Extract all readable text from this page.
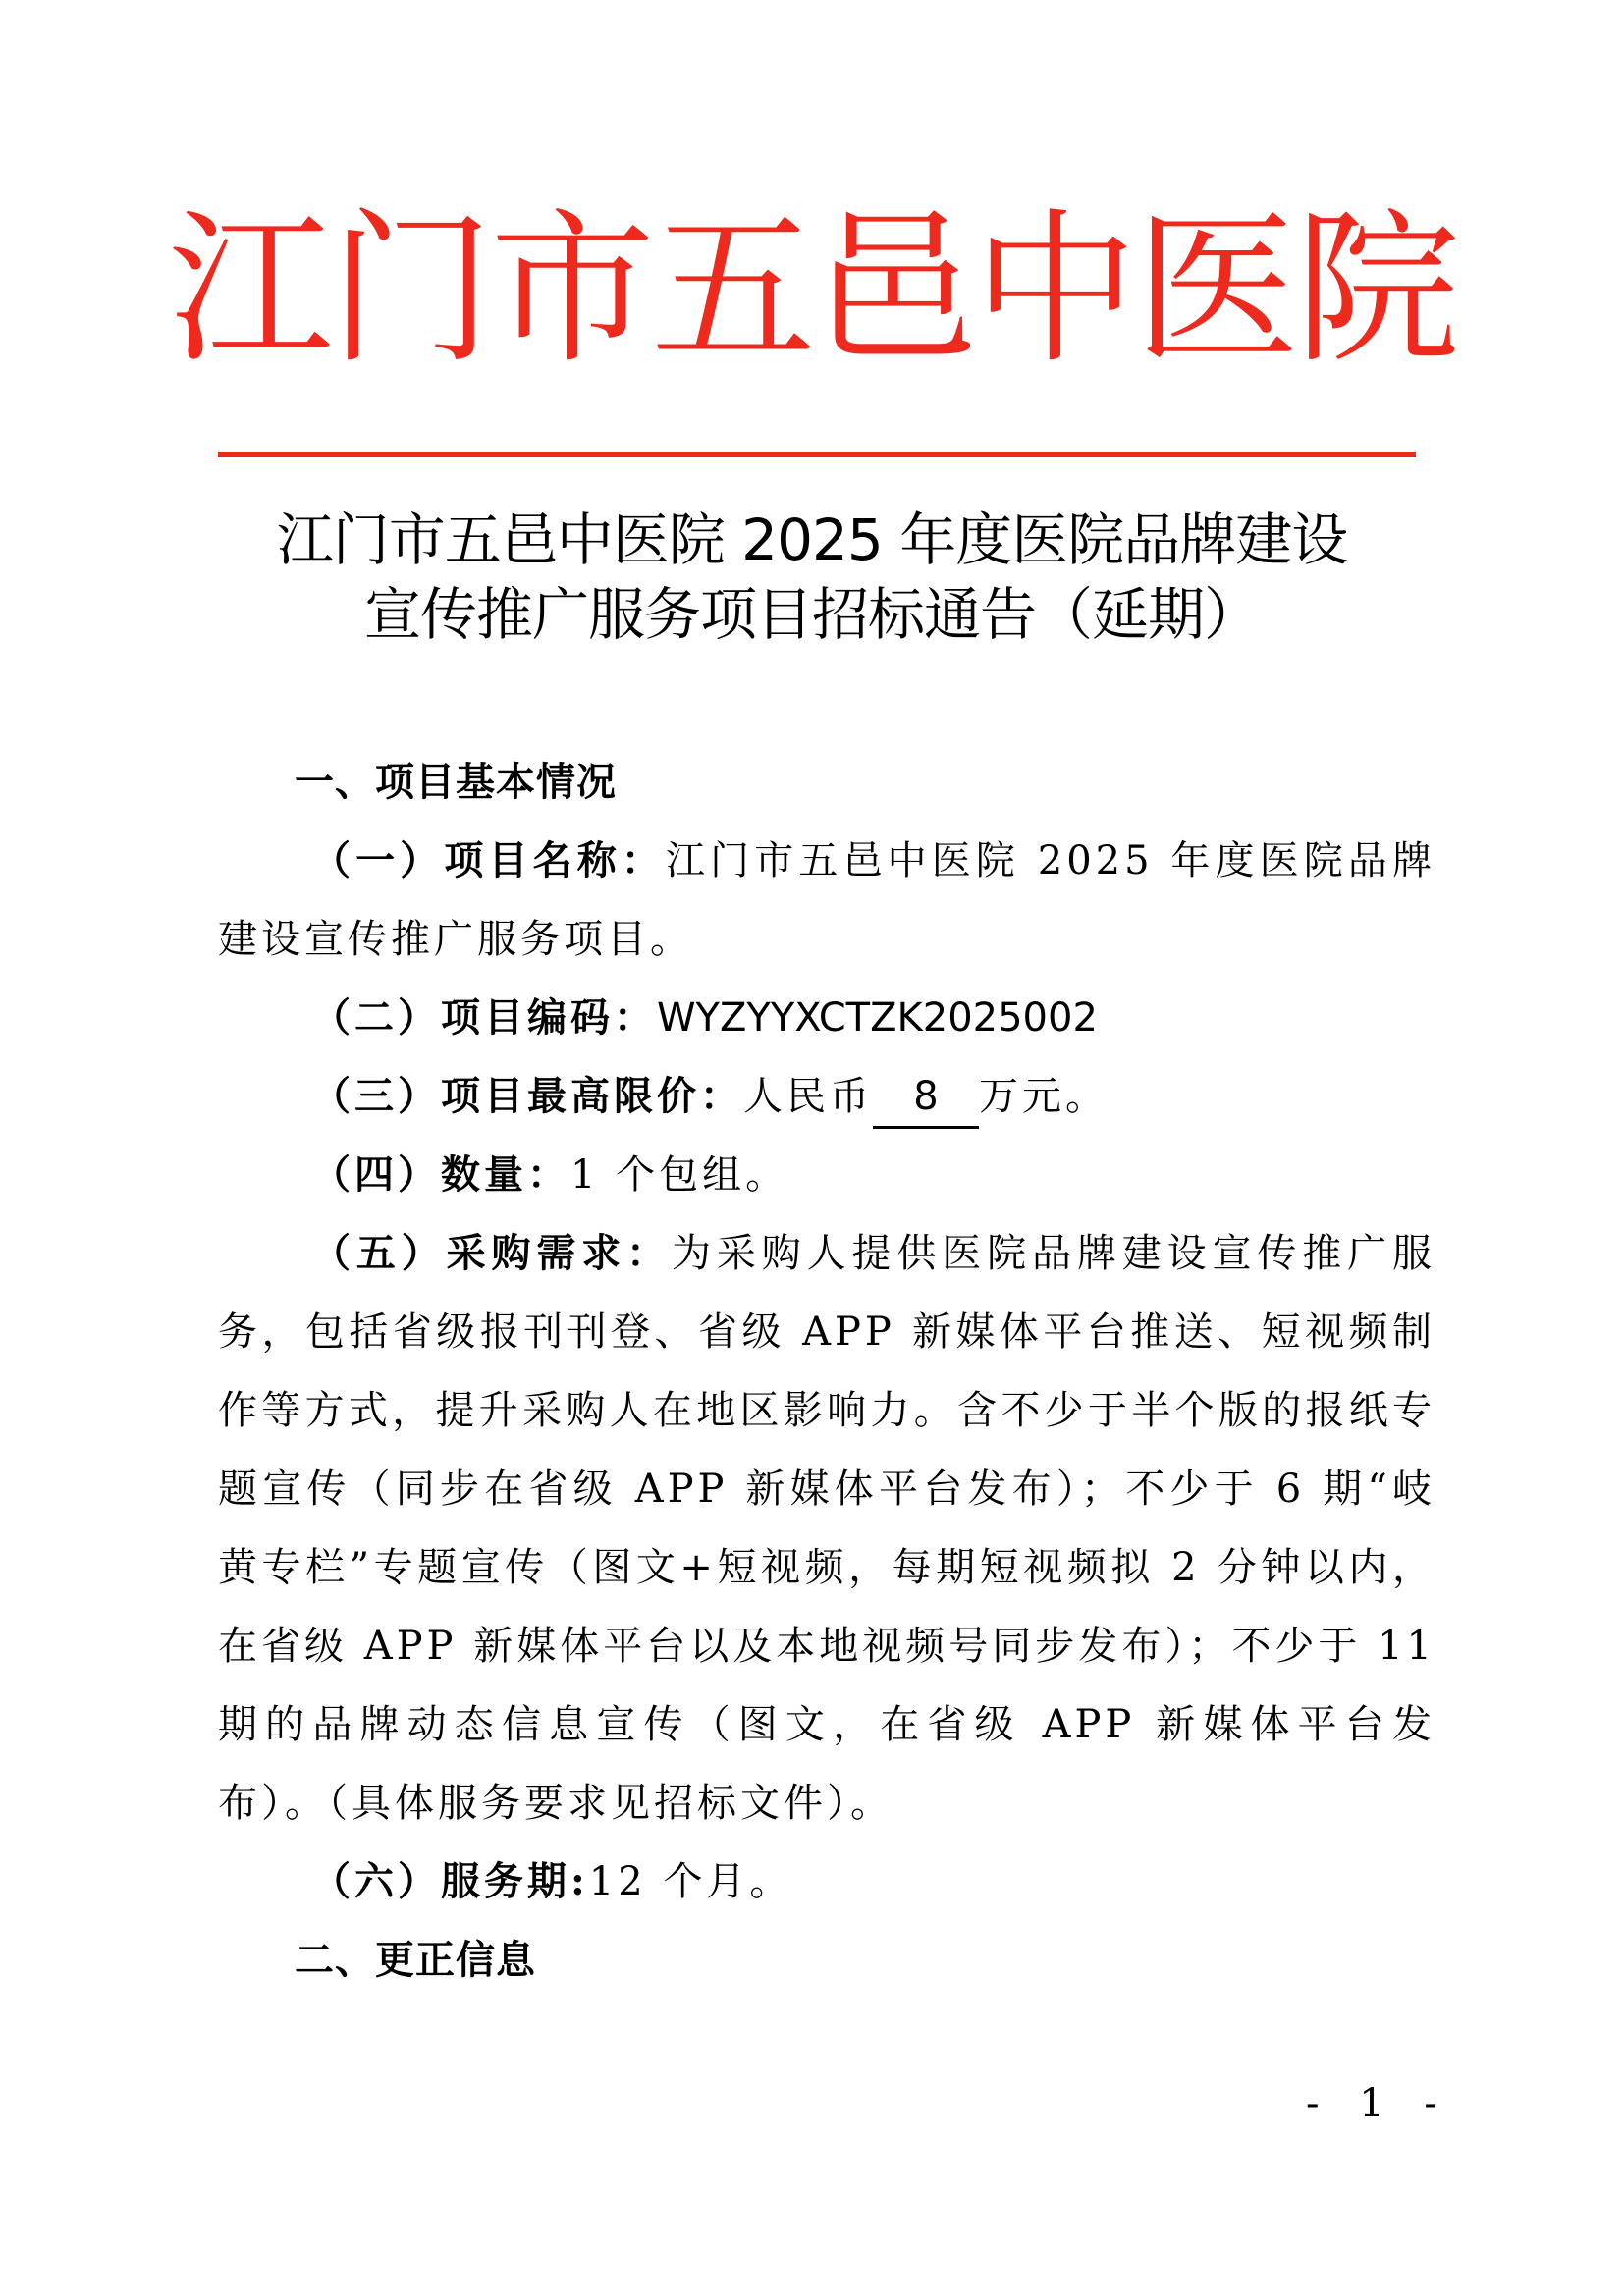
江门市五邑中医院
江门市五邑中医院 2025 年度医院品牌建设
宣传推广服务项目招标通告（延期）

一、项目基本情况

（一）项目名称：江门市五邑中医院 2025 年度医院品牌建设宣传推广服务项目。

（二）项目编码：WYZYYXCTZK2025002

（三）项目最高限价：人民币 8 万元。

（四）数量：1 个包组。

（五）采购需求：为采购人提供医院品牌建设宣传推广服务，包括省级报刊刊登、省级 APP 新媒体平台推送、短视频制作等方式，提升采购人在地区影响力。含不少于半个版的报纸专题宣传（同步在省级 APP 新媒体平台发布）；不少于 6 期“岐黄专栏”专题宣传（图文+短视频，每期短视频拟 2 分钟以内，在省级 APP 新媒体平台以及本地视频号同步发布）；不少于 11 期的品牌动态信息宣传（图文，在省级 APP 新媒体平台发布）。（具体服务要求见招标文件）。

（六）服务期:12 个月。

二、更正信息

- 1 -
